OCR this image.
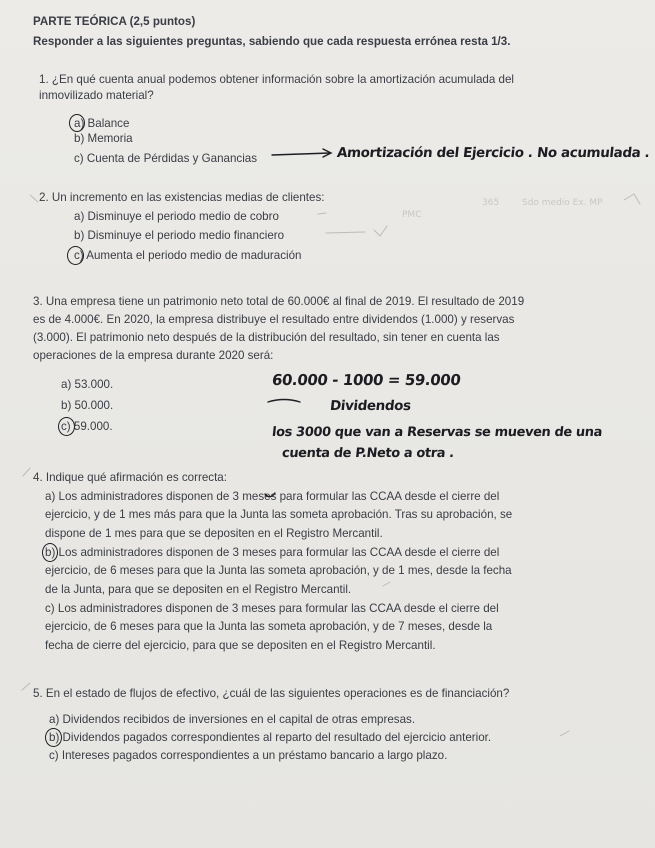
PARTE TEÓRICA (2,5 puntos)
Responder a las siguientes preguntas, sabiendo que cada respuesta errónea resta 1/3.
1. ¿En qué cuenta anual podemos obtener información sobre la amortización acumulada del
inmovilizado material?
a) Balance
b) Memoria
c) Cuenta de Pérdidas y Ganancias	Amortización del Ejercicio . No acumulada .
2. Un incremento en las existencias medias de clientes:
a) Disminuye el periodo medio de cobro
b) Disminuye el periodo medio financiero
c) Aumenta el periodo medio de maduración
PMC
365	Sdo medio Ex. MP
3. Una empresa tiene un patrimonio neto total de 60.000€ al final de 2019. El resultado de 2019
es de 4.000€. En 2020, la empresa distribuye el resultado entre dividendos (1.000) y reservas
(3.000). El patrimonio neto después de la distribución del resultado, sin tener en cuenta las
operaciones de la empresa durante 2020 será:
a) 53.000.
b) 50.000.
c) 59.000.
60.000 - 1000 = 59.000
Dividendos
los 3000 que van a Reservas se mueven de una
cuenta de P.Neto a otra .
4. Indique qué afirmación es correcta:
a) Los administradores disponen de 3 meses para formular las CCAA desde el cierre del
ejercicio, y de 1 mes más para que la Junta las someta aprobación. Tras su aprobación, se
dispone de 1 mes para que se depositen en el Registro Mercantil.
b) Los administradores disponen de 3 meses para formular las CCAA desde el cierre del
ejercicio, de 6 meses para que la Junta las someta aprobación, y de 1 mes, desde la fecha
de la Junta, para que se depositen en el Registro Mercantil.
c) Los administradores disponen de 3 meses para formular las CCAA desde el cierre del
ejercicio, de 6 meses para que la Junta las someta aprobación, y de 7 meses, desde la
fecha de cierre del ejercicio, para que se depositen en el Registro Mercantil.
5. En el estado de flujos de efectivo, ¿cuál de las siguientes operaciones es de financiación?
a) Dividendos recibidos de inversiones en el capital de otras empresas.
b) Dividendos pagados correspondientes al reparto del resultado del ejercicio anterior.
c) Intereses pagados correspondientes a un préstamo bancario a largo plazo.
